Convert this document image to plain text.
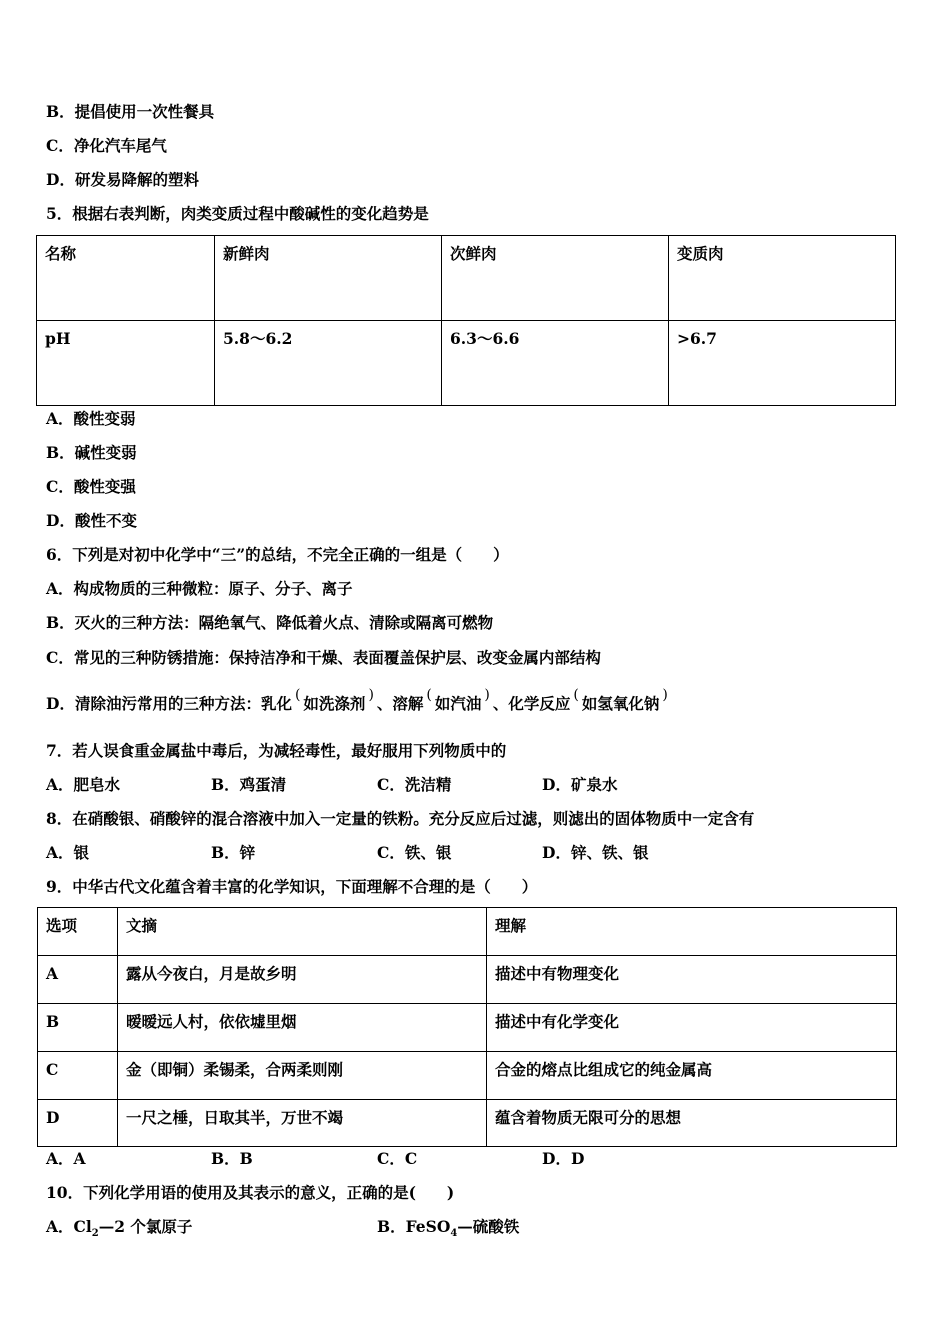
B．提倡使用一次性餐具
C．净化汽车尾气
D．研发易降解的塑料
5．根据右表判断，肉类变质过程中酸碱性的变化趋势是
名称	新鲜肉	次鲜肉	变质肉
pH	5.8～6.2	6.3～6.6	>6.7
A．酸性变弱
B．碱性变弱
C．酸性变强
D．酸性不变
6．下列是对初中化学中“三”的总结，不完全正确的一组是（　　）
A．构成物质的三种微粒：原子、分子、离子
B．灭火的三种方法：隔绝氧气、降低着火点、清除或隔离可燃物
C．常见的三种防锈措施：保持洁净和干燥、表面覆盖保护层、改变金属内部结构
D．清除油污常用的三种方法：乳化 ( 如洗涤剂 ) 、溶解 ( 如汽油 ) 、化学反应 ( 如氢氧化钠 )
7．若人误食重金属盐中毒后，为减轻毒性，最好服用下列物质中的
A．肥皂水	B．鸡蛋清	C．洗洁精	D．矿泉水
8．在硝酸银、硝酸锌的混合溶液中加入一定量的铁粉。充分反应后过滤，则滤出的固体物质中一定含有
A．银	B．锌	C．铁、银	D．锌、铁、银
9．中华古代文化蕴含着丰富的化学知识，下面理解不合理的是（　　）
选项	文摘	理解
A	露从今夜白，月是故乡明	描述中有物理变化
B	暧暧远人村，依依墟里烟	描述中有化学变化
C	金（即铜）柔锡柔，合两柔则刚	合金的熔点比组成它的纯金属高
D	一尺之棰，日取其半，万世不竭	蕴含着物质无限可分的思想
A．A	B．B	C．C	D．D
10．下列化学用语的使用及其表示的意义，正确的是(　　)
A．$Cl_2—2$ 个氯原子	B．FeSO$_4$—硫酸铁
